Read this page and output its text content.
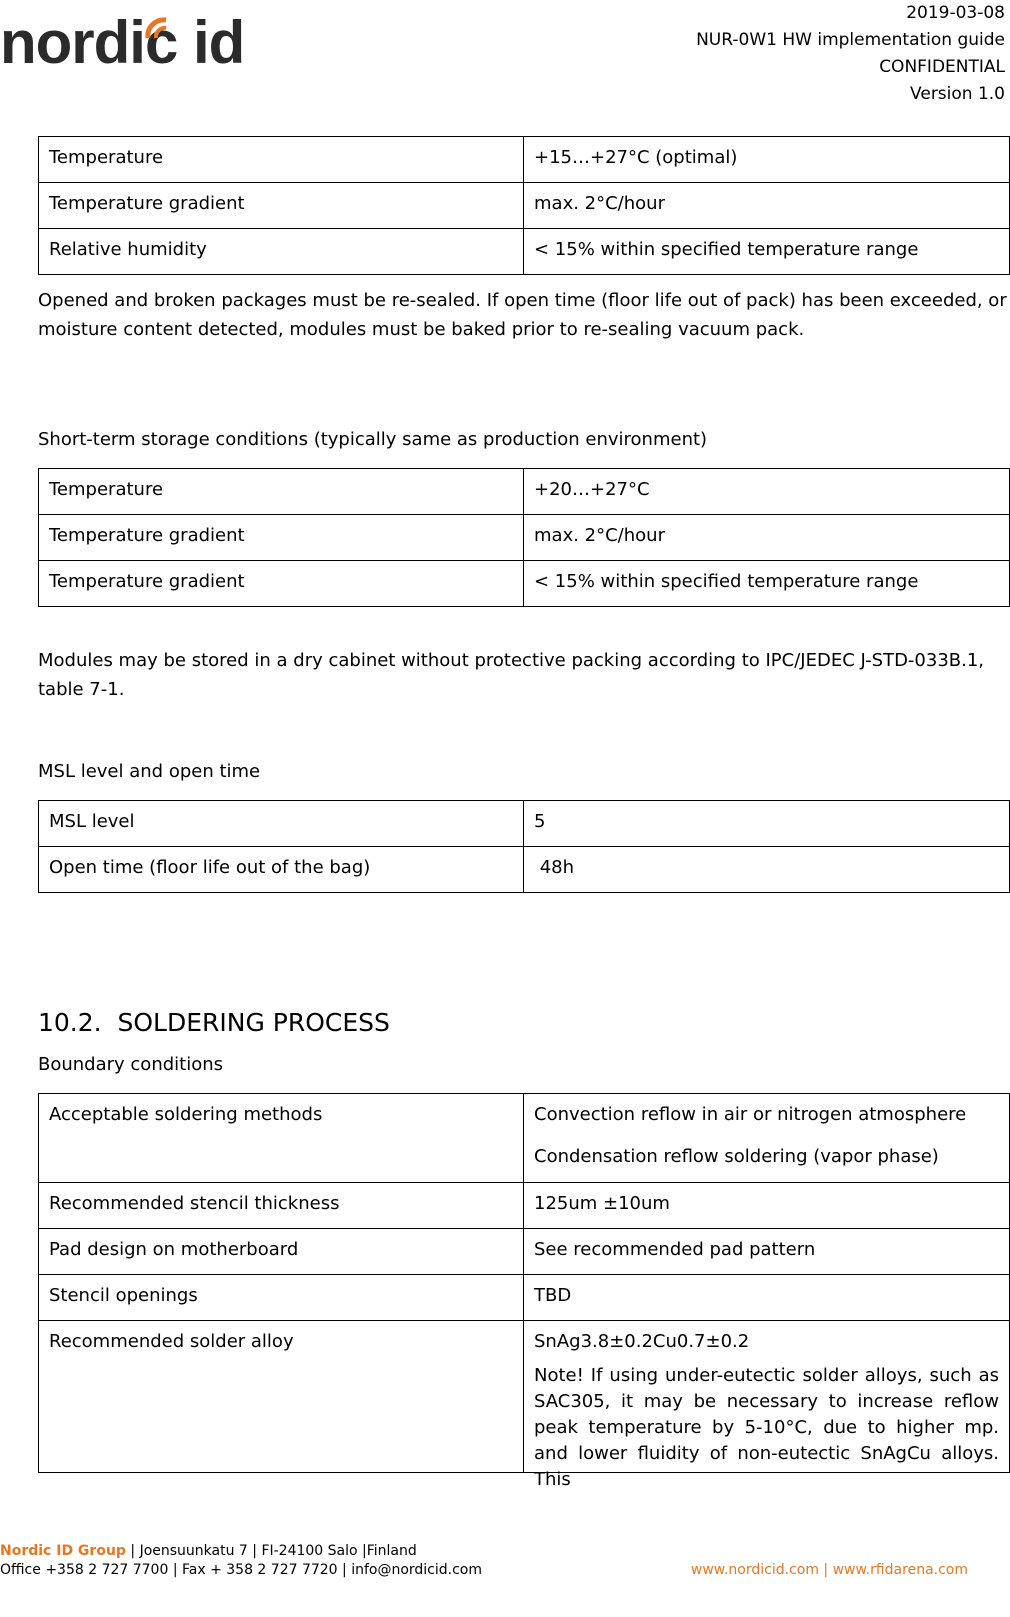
nordic id	2019-03-08
NUR-0W1 HW implementation guide
CONFIDENTIAL
Version 1.0
Temperature	+15…+27°C (optimal)
Temperature gradient	max. 2°C/hour
Relative humidity	< 15% within specified temperature range

Opened and broken packages must be re-sealed. If open time (floor life out of pack) has been exceeded, or moisture content detected, modules must be baked prior to re-sealing vacuum pack.

Short-term storage conditions (typically same as production environment)

Temperature	+20…+27°C
Temperature gradient	max. 2°C/hour
Temperature gradient	< 15% within specified temperature range

Modules may be stored in a dry cabinet without protective packing according to IPC/JEDEC J-STD-033B.1, table 7-1.

MSL level and open time

MSL level	5
Open time (floor life out of the bag)	48h
10.2.  SOLDERING PROCESS

Boundary conditions

Acceptable soldering methods	Convection reflow in air or nitrogen atmosphere

Condensation reflow soldering (vapor phase)

Recommended stencil thickness	125um ±10um
Pad design on motherboard	See recommended pad pattern
Stencil openings	TBD
Recommended solder alloy	SnAg3.8±0.2Cu0.7±0.2

Note! If using under-eutectic solder alloys, such as SAC305, it may be necessary to increase reflow peak temperature by 5-10°C, due to higher mp. and lower fluidity of non-eutectic SnAgCu alloys. This

Nordic ID Group | Joensuunkatu 7 | FI-24100 Salo |Finland
Office +358 2 727 7700 | Fax + 358 2 727 7720 | info@nordicid.com	www.nordicid.com | www.rfidarena.com
